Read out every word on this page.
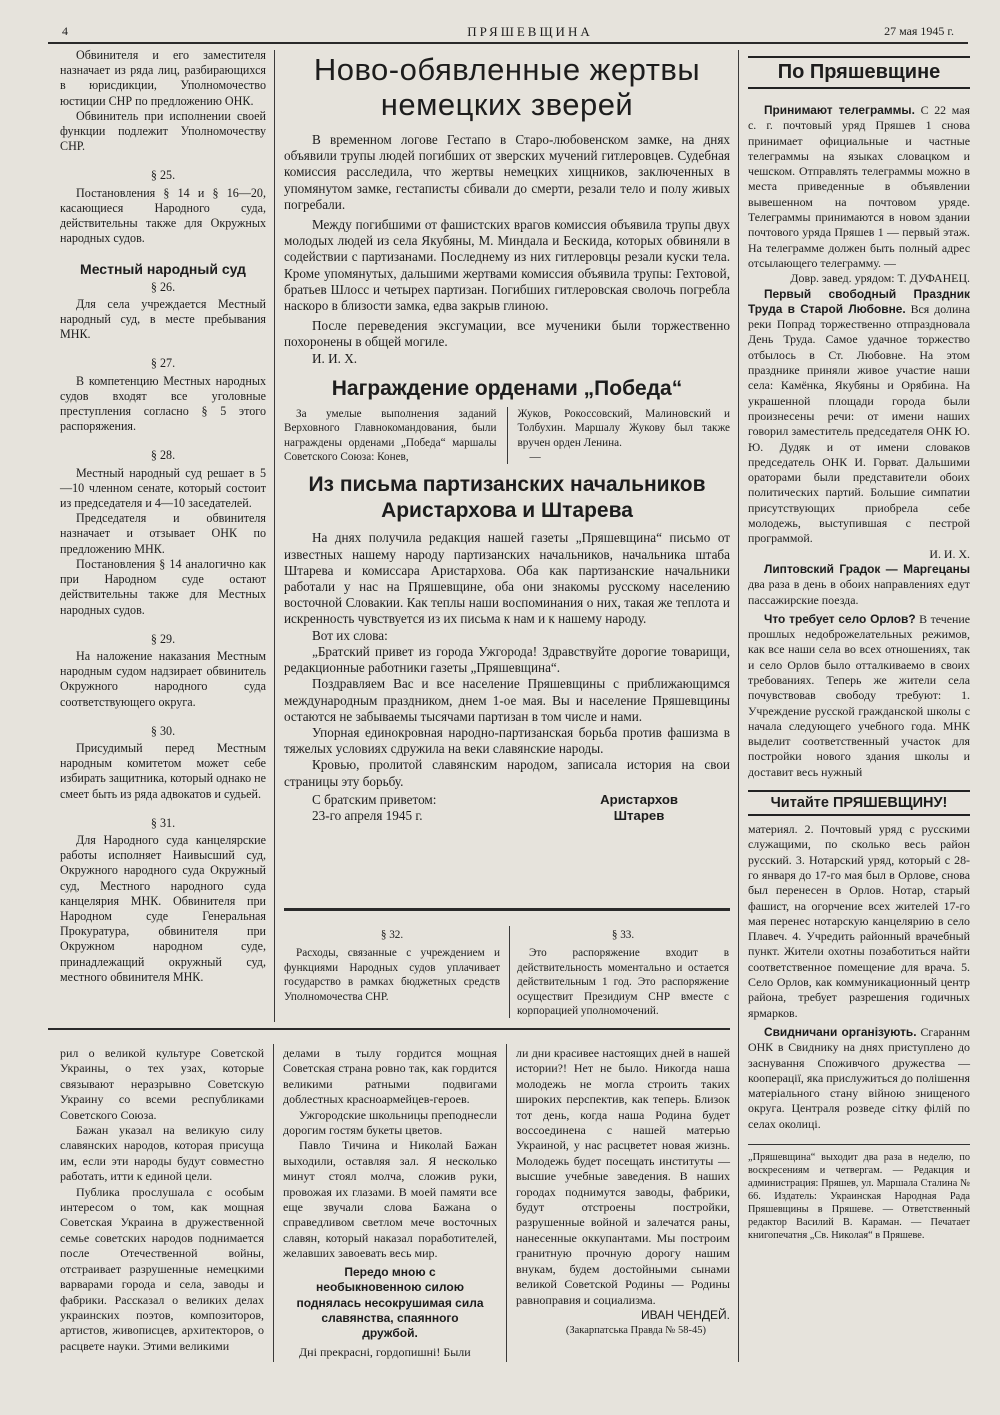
4	ПРЯШЕВЩИНА	27 мая 1945 г.

Обвинителя и его заместителя назначает из ряда лиц, разбирающихся в юрисдикции, Уполномочество юстиции СНР по предложению ОНК.

Обвинитель при исполнении своей функции подлежит Уполномочеству СНР.

§ 25.

Постановления § 14 и § 16—20, касающиеся Народного суда, действительны также для Окружных народных судов.

Местный народный суд

§ 26.

Для села учреждается Местный народный суд, в месте пребывания МНК.

§ 27.

В компетенцию Местных народных судов входят все уголовные преступления согласно § 5 этого распоряжения.

§ 28.

Местный народный суд решает в 5—10 членном сенате, который состоит из председателя и 4—10 заседателей.

Председателя и обвинителя назначает и отзывает ОНК по предложению МНК.

Постановления § 14 аналогично как при Народном суде остают действительны также для Местных народных судов.

§ 29.

На наложение наказания Местным народным судом надзирает обвинитель Окружного народного суда соответствующего округа.

§ 30.

Присудимый перед Местным народным комитетом может себе избирать защитника, который однако не смеет быть из ряда адвокатов и судьей.

§ 31.

Для Народного суда канцелярские работы исполняет Наивысший суд, Окружного народного суда Окружный суд, Местного народного суда канцелярия МНК. Обвинителя при Народном суде Генеральная Прокуратура, обвинителя при Окружном народном суде, принадлежащий окружный суд, местного обвинителя МНК.

Ново-обявленные жертвы немецких зверей

В временном логове Гестапо в Старо-любовенском замке, на днях объявили трупы людей погибших от зверских мучений гитлеровцев. Судебная комиссия расследила, что жертвы немецких хищников, заключенных в упомянутом замке, гестаписты сбивали до смерти, резали тело и полу живых погребали.

Между погибшими от фашистских врагов комиссия объявила трупы двух молодых людей из села Якубяны, М. Миндала и Бескида, которых обвиняли в содействии с партизанами. Последнему из них гитлеровцы резали куски тела. Кроме упомянутых, дальшими жертвами комиссия объявила трупы: Гехтовой, братьев Шлосс и четырех партизан. Погибших гитлеровская сволочь погребла наскоро в близости замка, едва закрыв глиною.

После переведения эксгумации, все мученики были торжественно похоронены в общей могиле.

И. И. Х.

Награждение орденами „Победа“

За умелые выполнения заданий Верховного Главнокомандования, были награждены орденами „Победа“ маршалы Советского Союза: Конев,

Жуков, Рокоссовский, Малиновский и Толбухин. Маршалу Жукову был также вручен орден Ленина.

—

Из письма партизанских начальников Аристархова и Штарева

На днях получила редакция нашей газеты „Пряшевщина“ письмо от известных нашему народу партизанских начальников, начальника штаба Штарева и комиссара Аристархова. Оба как партизанские начальники работали у нас на Пряшевщине, оба они знакомы русскому населению восточной Словакии. Как теплы наши воспоминания о них, такая же теплота и искренность чувствуется из их письма к нам и к нашему народу.

Вот их слова:

„Братский привет из города Ужгорода! Здравствуйте дорогие товарищи, редакционные работники газеты „Пряшевщина“.

Поздравляем Вас и все население Пряшевщины с приближающимся международным праздником, днем 1-ое мая. Вы и население Пряшевщины остаются не забываемы тысячами партизан в том числе и нами.

Упорная единокровная народно-партизанская борьба против фашизма в тяжелых условиях сдружила на веки славянские народы.

Кровью, пролитой славянским народом, записала история на свои страницы эту борьбу.

С братским приветом:
23-го апреля 1945 г.
Аристархов
Штарев

§ 32.

Расходы, связанные с учреждением и функциями Народных судов уплачивает государство в рамках бюджетных средств Уполномочества СНР.

§ 33.

Это распоряжение входит в действительность моментально и остается действительным 1 год. Это распоряжение осуществит Президиум СНР вместе с корпорацией уполномочений.

По Пряшевщине

Принимают телеграммы. С 22 мая с. г. почтовый уряд Пряшев 1 снова принимает официальные и частные телеграммы на языках словацком и чешском. Отправлять телеграммы можно в места приведенные в объявлении вывешенном на почтовом уряде. Телеграммы принимаются в новом здании почтового уряда Пряшев 1 — первый этаж. На телеграмме должен быть полный адрес отсылающего телеграмму. —

Довр. завед. урядом: Т. ДУФАНЕЦ.

Первый свободный Праздник Труда в Старой Любовне. Вся долина реки Попрад торжественно отпраздновала День Труда. Самое удачное торжество отбылось в Ст. Любовне. На этом празднике приняли живое участие наши села: Камёнка, Якубяны и Орябина. На украшенной площади города были произнесены речи: от имени наших говорил заместитель председателя ОНК Ю. Ю. Дудяк и от имени словаков председатель ОНК И. Горват. Дальшими ораторами были представители обоих политических партий. Большие симпатии присутствующих приобрела себе молодежь, выступившая с пестрой программой.

И. И. Х.

Липтовский Градок — Маргецаны два раза в день в обоих направлениях едут пассажирские поезда.

Что требует село Орлов? В течение прошлых недоброжелательных режимов, как все наши села во всех отношениях, так и село Орлов было отталкиваемо в своих требованиях. Теперь же жители села почувствовав свободу требуют: 1. Учреждение русской гражданской школы с начала следующего учебного года. МНК выделит соответственный участок для постройки нового здания школы и доставит весь нужный

Читайте ПРЯШЕВЩИНУ!

материял. 2. Почтовый уряд с русскими служащими, по сколько весь район русский. 3. Нотарский уряд, который с 28-го января до 17-го мая был в Орлове, снова был перенесен в Орлов. Нотар, старый фашист, на огорчение всех жителей 17-го мая перенес нотарскую канцелярию в село Плавеч. 4. Учредить районный врачебный пункт. Жители охотны позаботиться найти соответственное помещение для врача. 5. Село Орлов, как коммуникационный центр района, требует разрешения годичных ярмарков.

Свидничани організують. Сгараннм ОНК в Свиднику на днях приступлено до заснування Споживчого дружества — кооперації, яка прислужиться до полішення матеріального стану війною знищеного округа. Централя розведе сітку філій по селах околиці.

„Пряшевщина“ выходит два раза в неделю, по воскресениям и четвергам. — Редакция и администрация: Пряшев, ул. Маршала Сталина № 66. Издатель: Украинская Народная Рада Пряшевщины в Пряшеве. — Ответственный редактор Василий В. Караман. — Печатает книгопечатня „Св. Николая“ в Пряшеве.

рил о великой культуре Советской Украины, о тех узах, которые связывают неразрывно Советскую Украину со всеми республиками Советского Союза.

Бажан указал на великую силу славянских народов, которая присуща им, если эти народы будут совместно работать, итти к единой цели.

Публика прослушала с особым интересом о том, как мощная Советская Украина в дружественной семье советских народов поднимается после Отечественной войны, отстраивает разрушенные немецкими варварами города и села, заводы и фабрики. Рассказал о великих делах украинских поэтов, композиторов, артистов, живописцев, архитекторов, о расцвете науки. Этими великими

делами в тылу гордится мощная Советская страна ровно так, как гордится великими ратными подвигами доблестных красноармейцев-героев.

Ужгородские школьницы преподнесли дорогим гостям букеты цветов.

Павло Тичина и Николай Бажан выходили, оставляя зал. Я несколько минут стоял молча, сложив руки, провожая их глазами. В моей памяти все еще звучали слова Бажана о справедливом светлом мече восточных славян, который наказал поработителей, желавших завоевать весь мир.

Передо мною с необыкновенною силою поднялась несокрушимая сила славянства, спаянного дружбой.

Дні прекрасні, гордопишні! Были

ли дни красивее настоящих дней в нашей истории?! Нет не было. Никогда наша молодежь не могла строить таких широких перспектив, как теперь. Близок тот день, когда наша Родина будет воссоединена с нашей матерью Украиной, у нас расцветет новая жизнь. Молодежь будет посещать институты — высшие учебные заведения. В наших городах поднимутся заводы, фабрики, будут отстроены постройки, разрушенные войной и залечатся раны, нанесенные оккупантами. Мы построим гранитную прочную дорогу нашим внукам, будем достойными сынами великой Советской Родины — Родины равноправия и социализма.

ИВАН ЧЕНДЕЙ.

(Закарпатська Правда № 58-45)
